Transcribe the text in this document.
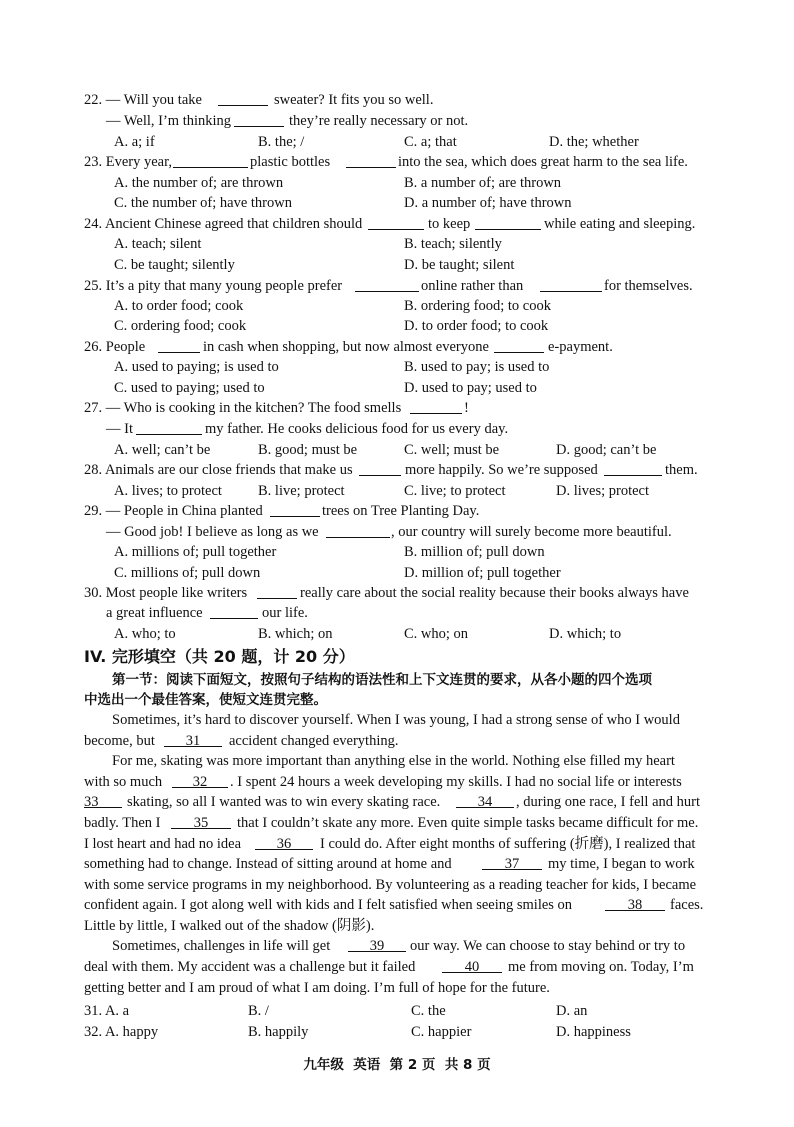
22. — Will you take

	sweater? It fits you so well.

— Well, I’m thinking

	they’re really necessary or not.

A. a; if

	B. the; /

	C. a; that

	D. the; whether

23. Every year,

	plastic bottles

	into the sea, which does great harm to the sea life.

A. the number of; are thrown

	B. a number of; are thrown

C. the number of; have thrown

	D. a number of; have thrown

24. Ancient Chinese agreed that children should

	to keep

	while eating and sleeping.

A. teach; silent

	B. teach; silently

C. be taught; silently

	D. be taught; silent

25. It’s a pity that many young people prefer

	online rather than

	for themselves.

A. to order food; cook

	B. ordering food; to cook

C. ordering food; cook

	D. to order food; to cook

26. People

	in cash when shopping, but now almost everyone

	e-payment.

A. used to paying; is used to

	B. used to pay; is used to

C. used to paying; used to

	D. used to pay; used to

27. — Who is cooking in the kitchen? The food smells

	!

— It

	my father. He cooks delicious food for us every day.

A. well; can’t be

	B. good; must be

	C. well; must be

	D. good; can’t be

28. Animals are our close friends that make us

	more happily. So we’re supposed

	them.

A. lives; to protect

B. live; protect

	C. live; to protect

	D. lives; protect

29. — People in China planted

	trees on Tree Planting Day.

— Good job! I believe as long as we

	, our country will surely become more beautiful.

A. millions of; pull together

	B. million of; pull down

C. millions of; pull down

	D. million of; pull together

30. Most people like writers

	really care about the social reality because their books always have

a great influence

	our life.

A. who; to

	B. which; on

	C. who; on

	D. which; to

IV. 完形填空（共 20 题，计 20 分）

第一节：阅读下面短文，按照句子结构的语法性和上下文连贯的要求，从各小题的四个选项

中选出一个最佳答案，使短文连贯完整。

Sometimes, it’s hard to discover yourself. When I was young, I had a strong sense of who I would

become, but

	31

	accident changed everything.

For me, skating was more important than anything else in the world. Nothing else filled my heart

with so much

	32

	. I spent 24 hours a week developing my skills. I had no social life or interests

33

	skating, so all I wanted was to win every skating race.

	34

	, during one race, I fell and hurt

badly. Then I

	35

	that I couldn’t skate any more. Even quite simple tasks became difficult for me.

I lost heart and had no idea

	36

	I could do. After eight months of suffering (折磨), I realized that

something had to change. Instead of sitting around at home and

	37

	my time, I began to work

with some service programs in my neighborhood. By volunteering as a reading teacher for kids, I became

confident again. I got along well with kids and I felt satisfied when seeing smiles on

	38

	faces.

Little by little, I walked out of the shadow (阴影).

Sometimes, challenges in life will get

	39

	our way. We can choose to stay behind or try to

deal with them. My accident was a challenge but it failed

	40

	me from moving on. Today, I’m

getting better and I am proud of what I am doing. I’m full of hope for the future.

31. A. a

	B. /

	C. the

	D. an

32. A. happy

	B. happily

	C. happier

	D. happiness

九年级  英语  第 2 页  共 8 页
